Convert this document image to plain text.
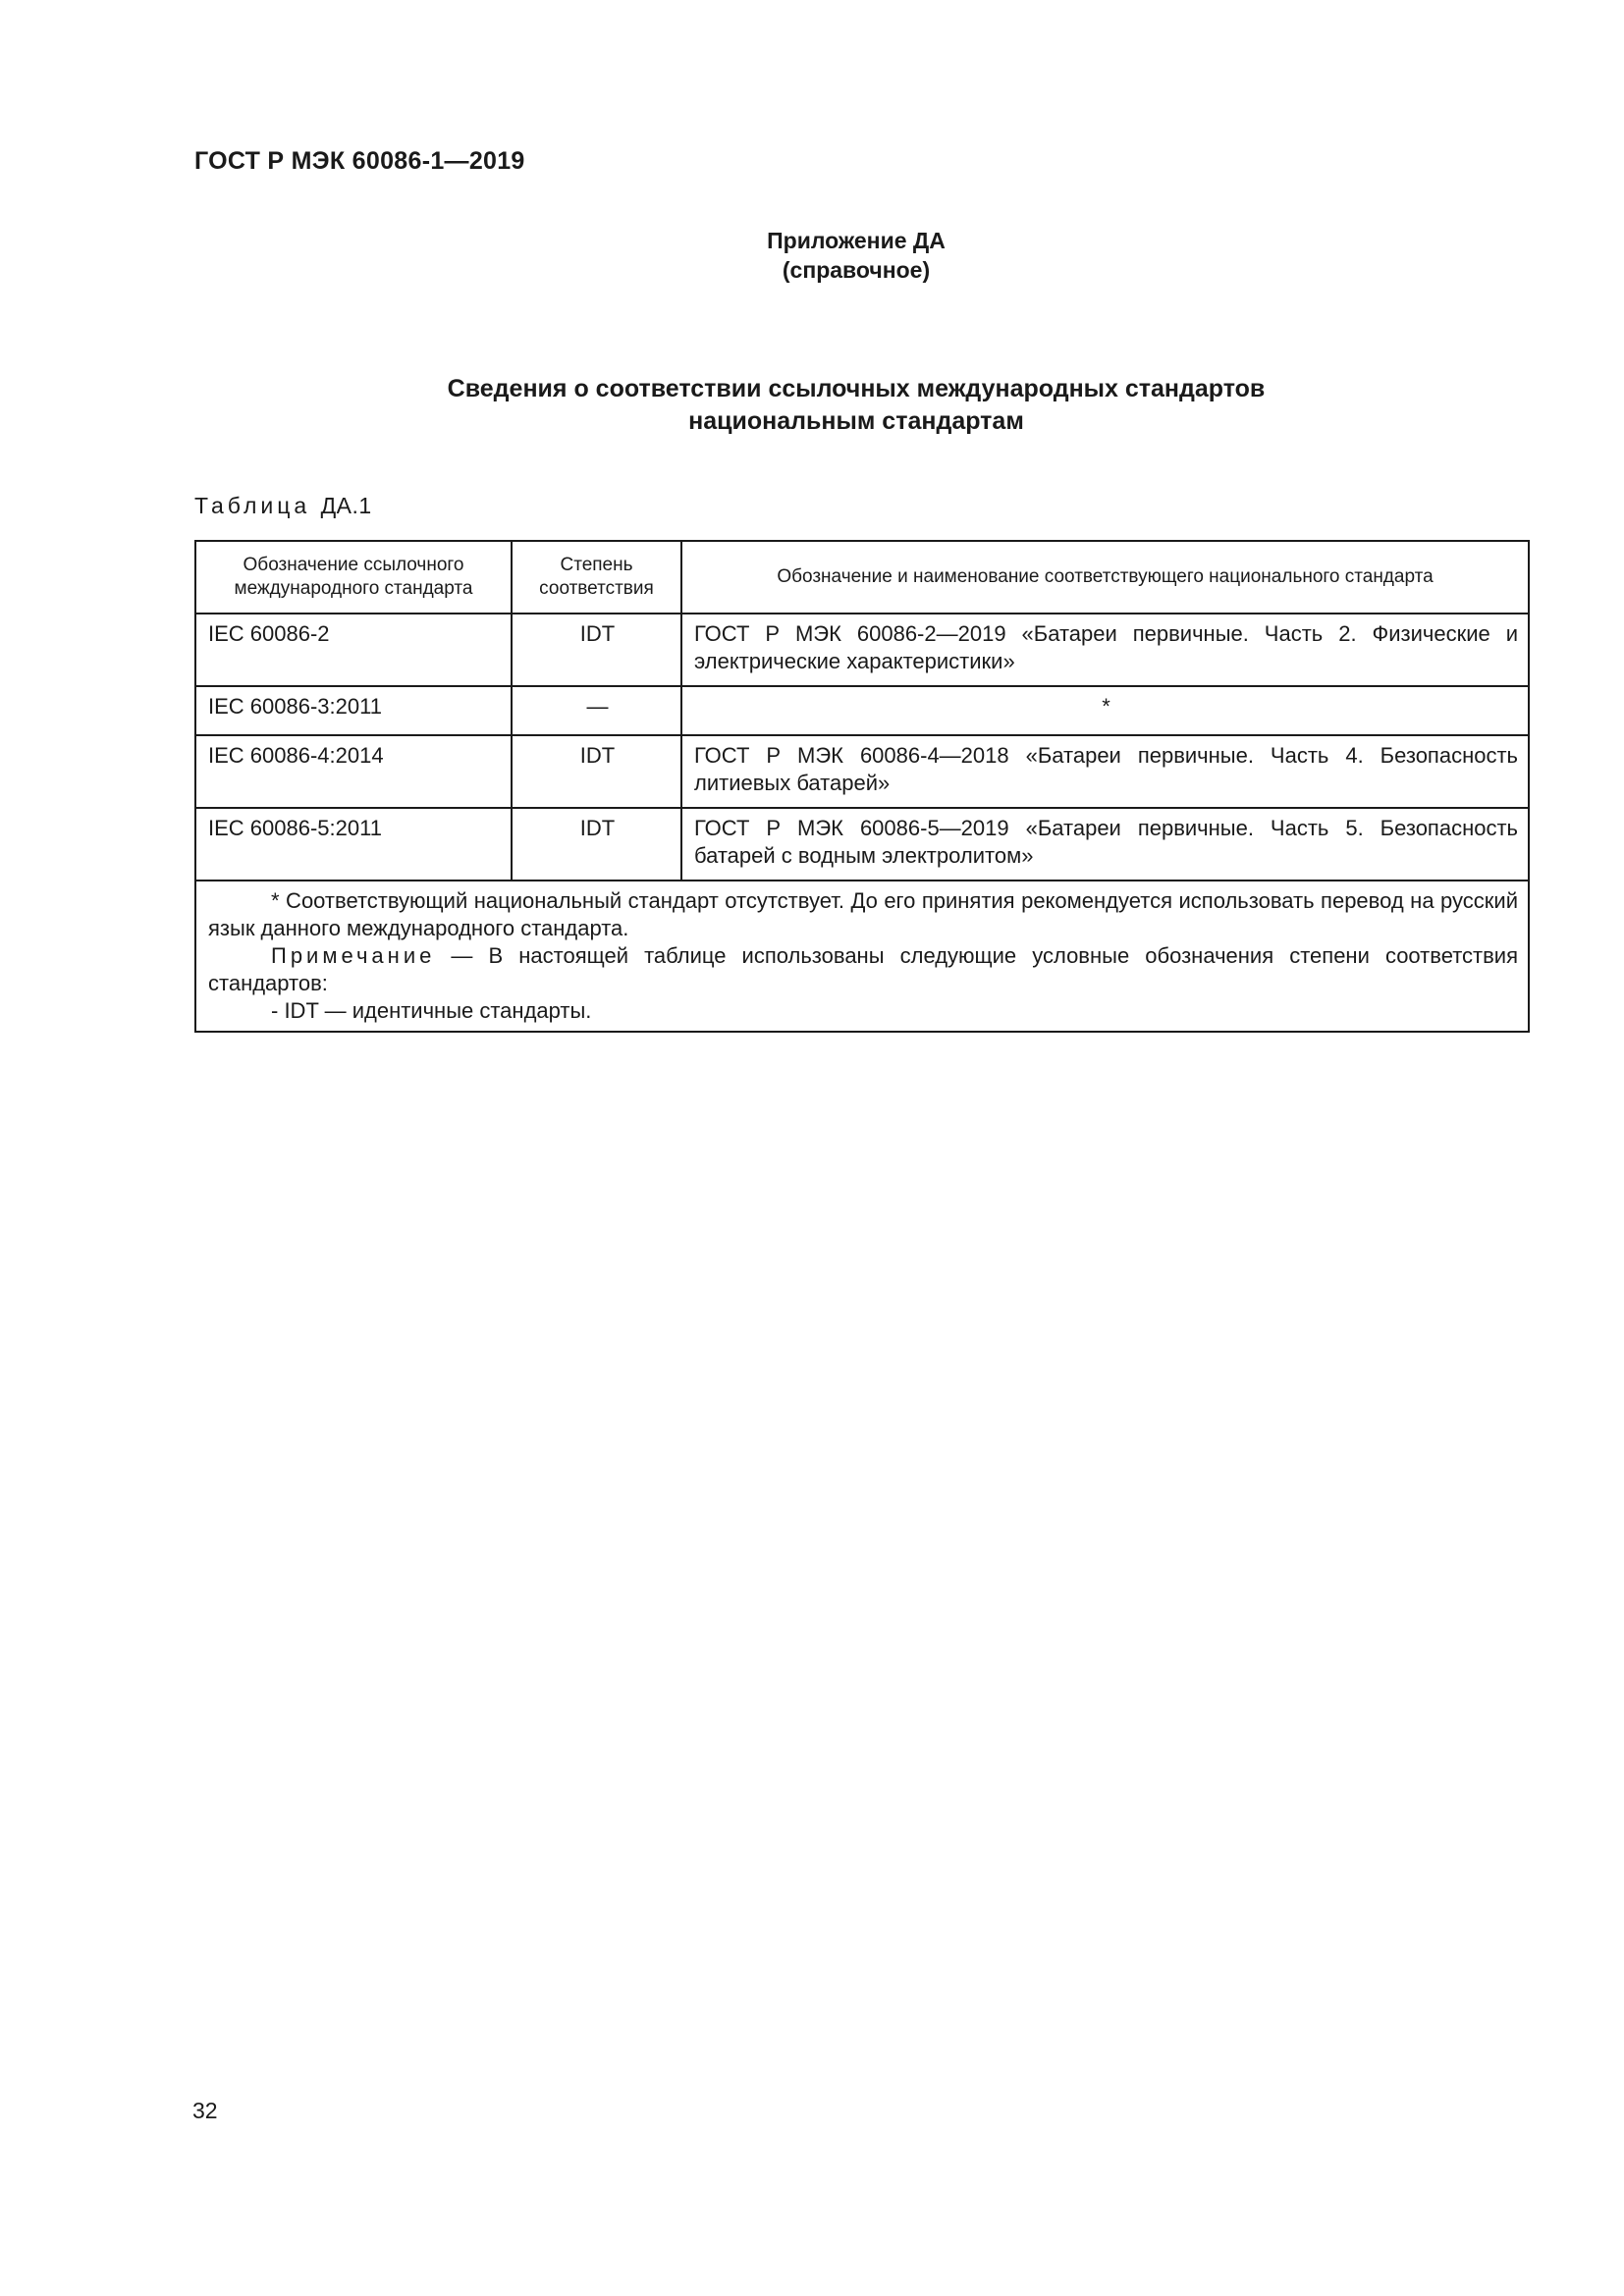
ГОСТ Р МЭК 60086-1—2019
Приложение ДА
(справочное)
Сведения о соответствии ссылочных международных стандартов
национальным стандартам
Таблица ДА.1
Обозначение ссылочного международного стандарта	Степень соответствия	Обозначение и наименование соответствующего национального стандарта
IEC 60086-2	IDT	ГОСТ Р МЭК 60086-2—2019 «Батареи первичные. Часть 2. Физические и электрические характеристики»
IEC 60086-3:2011	—	*
IEC 60086-4:2014	IDT	ГОСТ Р МЭК 60086-4—2018 «Батареи первичные. Часть 4. Безопасность литиевых батарей»
IEC 60086-5:2011	IDT	ГОСТ Р МЭК 60086-5—2019 «Батареи первичные. Часть 5. Безопасность батарей с водным электролитом»

* Соответствующий национальный стандарт отсутствует. До его принятия рекомендуется использовать перевод на русский язык данного международного стандарта.

Примечание — В настоящей таблице использованы следующие условные обозначения степени соответствия стандартов:

- IDT — идентичные стандарты.		

32
